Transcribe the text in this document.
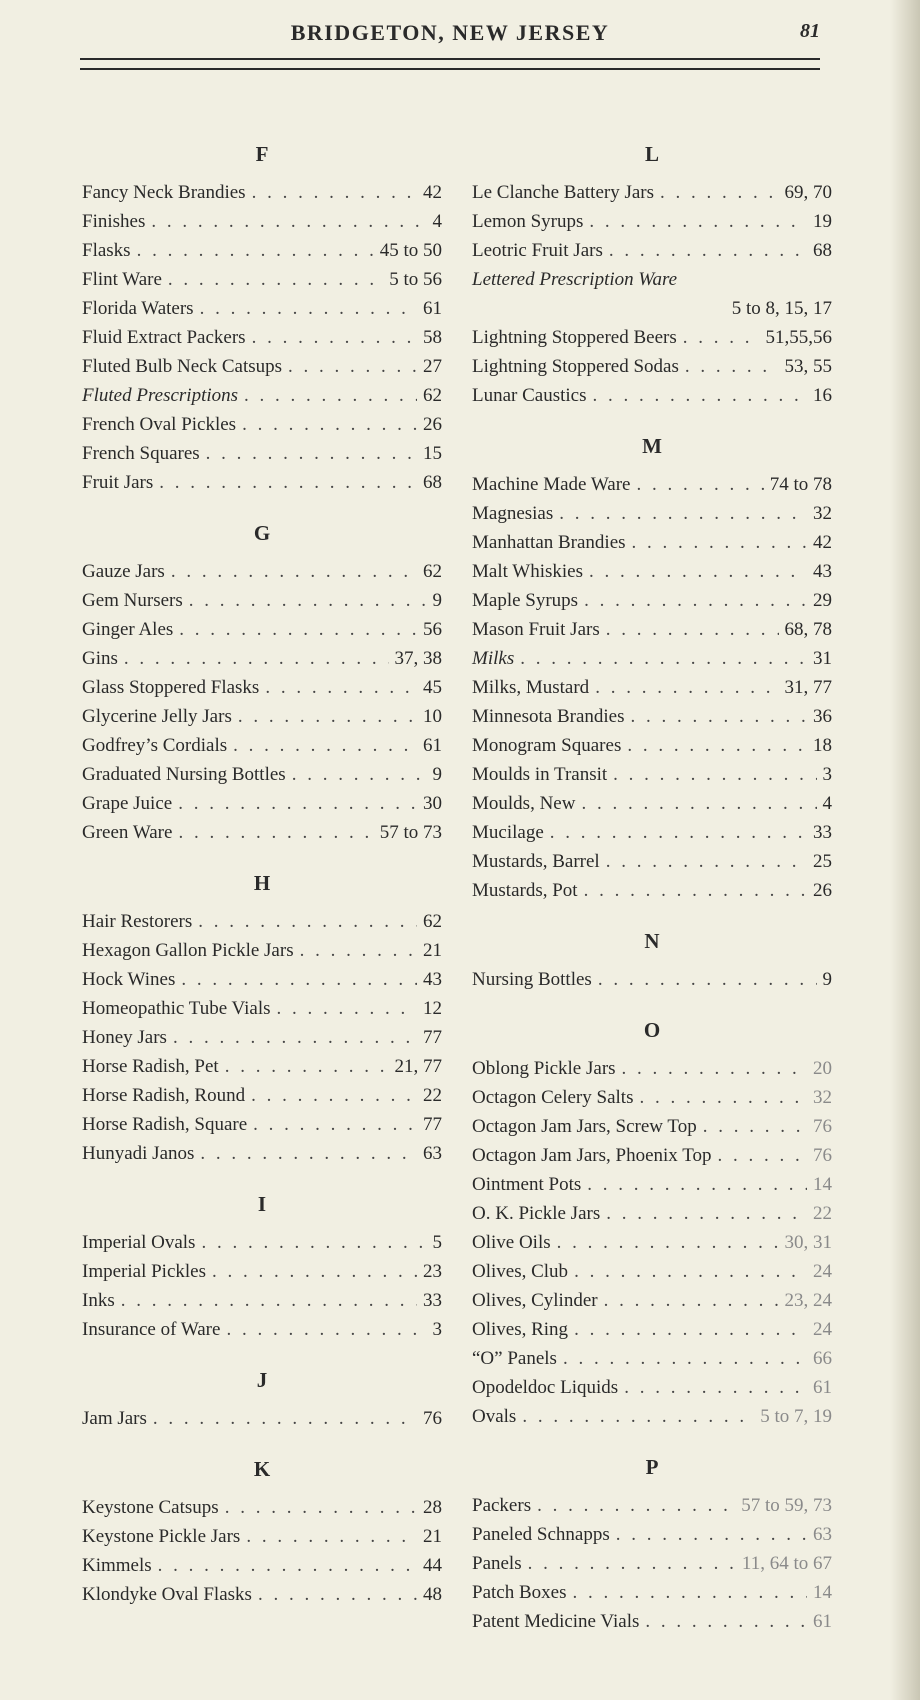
BRIDGETON, NEW JERSEY	81
F
Fancy Neck Brandies . . .	42
Finishes . . .	4
Flasks . . .	45 to 50
Flint Ware . . .	5 to 56
Florida Waters . . .	61
Fluid Extract Packers . . .	58
Fluted Bulb Neck Catsups . . .	27
Fluted Prescriptions . . .	62
French Oval Pickles . . .	26
French Squares . . .	15
Fruit Jars . . .	68
G
Gauze Jars . . .	62
Gem Nursers . . .	9
Ginger Ales . . .	56
Gins . . .	37, 38
Glass Stoppered Flasks . . .	45
Glycerine Jelly Jars . . .	10
Godfrey’s Cordials . . .	61
Graduated Nursing Bottles . . .	9
Grape Juice . . .	30
Green Ware . . .	57 to 73
H
Hair Restorers . . .	62
Hexagon Gallon Pickle Jars . . .	21
Hock Wines . . .	43
Homeopathic Tube Vials . . .	12
Honey Jars . . .	77
Horse Radish, Pet . . .	21, 77
Horse Radish, Round . . .	22
Horse Radish, Square . . .	77
Hunyadi Janos . . .	63
I
Imperial Ovals . . .	5
Imperial Pickles . . .	23
Inks . . .	33
Insurance of Ware . . .	3
J
Jam Jars . . .	76
K
Keystone Catsups . . .	28
Keystone Pickle Jars . . .	21
Kimmels . . .	44
Klondyke Oval Flasks . . .	48
L
Le Clanche Battery Jars . . .	69, 70
Lemon Syrups . . .	19
Leotric Fruit Jars . . .	68
Lettered Prescription Ware
5 to 8, 15, 17
Lightning Stoppered Beers . . .	51,55,56
Lightning Stoppered Sodas . . .	53, 55
Lunar Caustics . . .	16
M
Machine Made Ware . . .	74 to 78
Magnesias . . .	32
Manhattan Brandies . . .	42
Malt Whiskies . . .	43
Maple Syrups . . .	29
Mason Fruit Jars . . .	68, 78
Milks . . .	31
Milks, Mustard . . .	31, 77
Minnesota Brandies . . .	36
Monogram Squares . . .	18
Moulds in Transit . . .	3
Moulds, New . . .	4
Mucilage . . .	33
Mustards, Barrel . . .	25
Mustards, Pot . . .	26
N
Nursing Bottles . . .	9
O
Oblong Pickle Jars . . .	20
Octagon Celery Salts . . .	32
Octagon Jam Jars, Screw Top . . .	76
Octagon Jam Jars, Phoenix Top . . .	76
Ointment Pots . . .	14
O. K. Pickle Jars . . .	22
Olive Oils . . .	30, 31
Olives, Club . . .	24
Olives, Cylinder . . .	23, 24
Olives, Ring . . .	24
“O” Panels . . .	66
Opodeldoc Liquids . . .	61
Ovals . . .	5 to 7, 19
P
Packers . . .	57 to 59, 73
Paneled Schnapps . . .	63
Panels . . .	11, 64 to 67
Patch Boxes . . .	14
Patent Medicine Vials . . .	61
